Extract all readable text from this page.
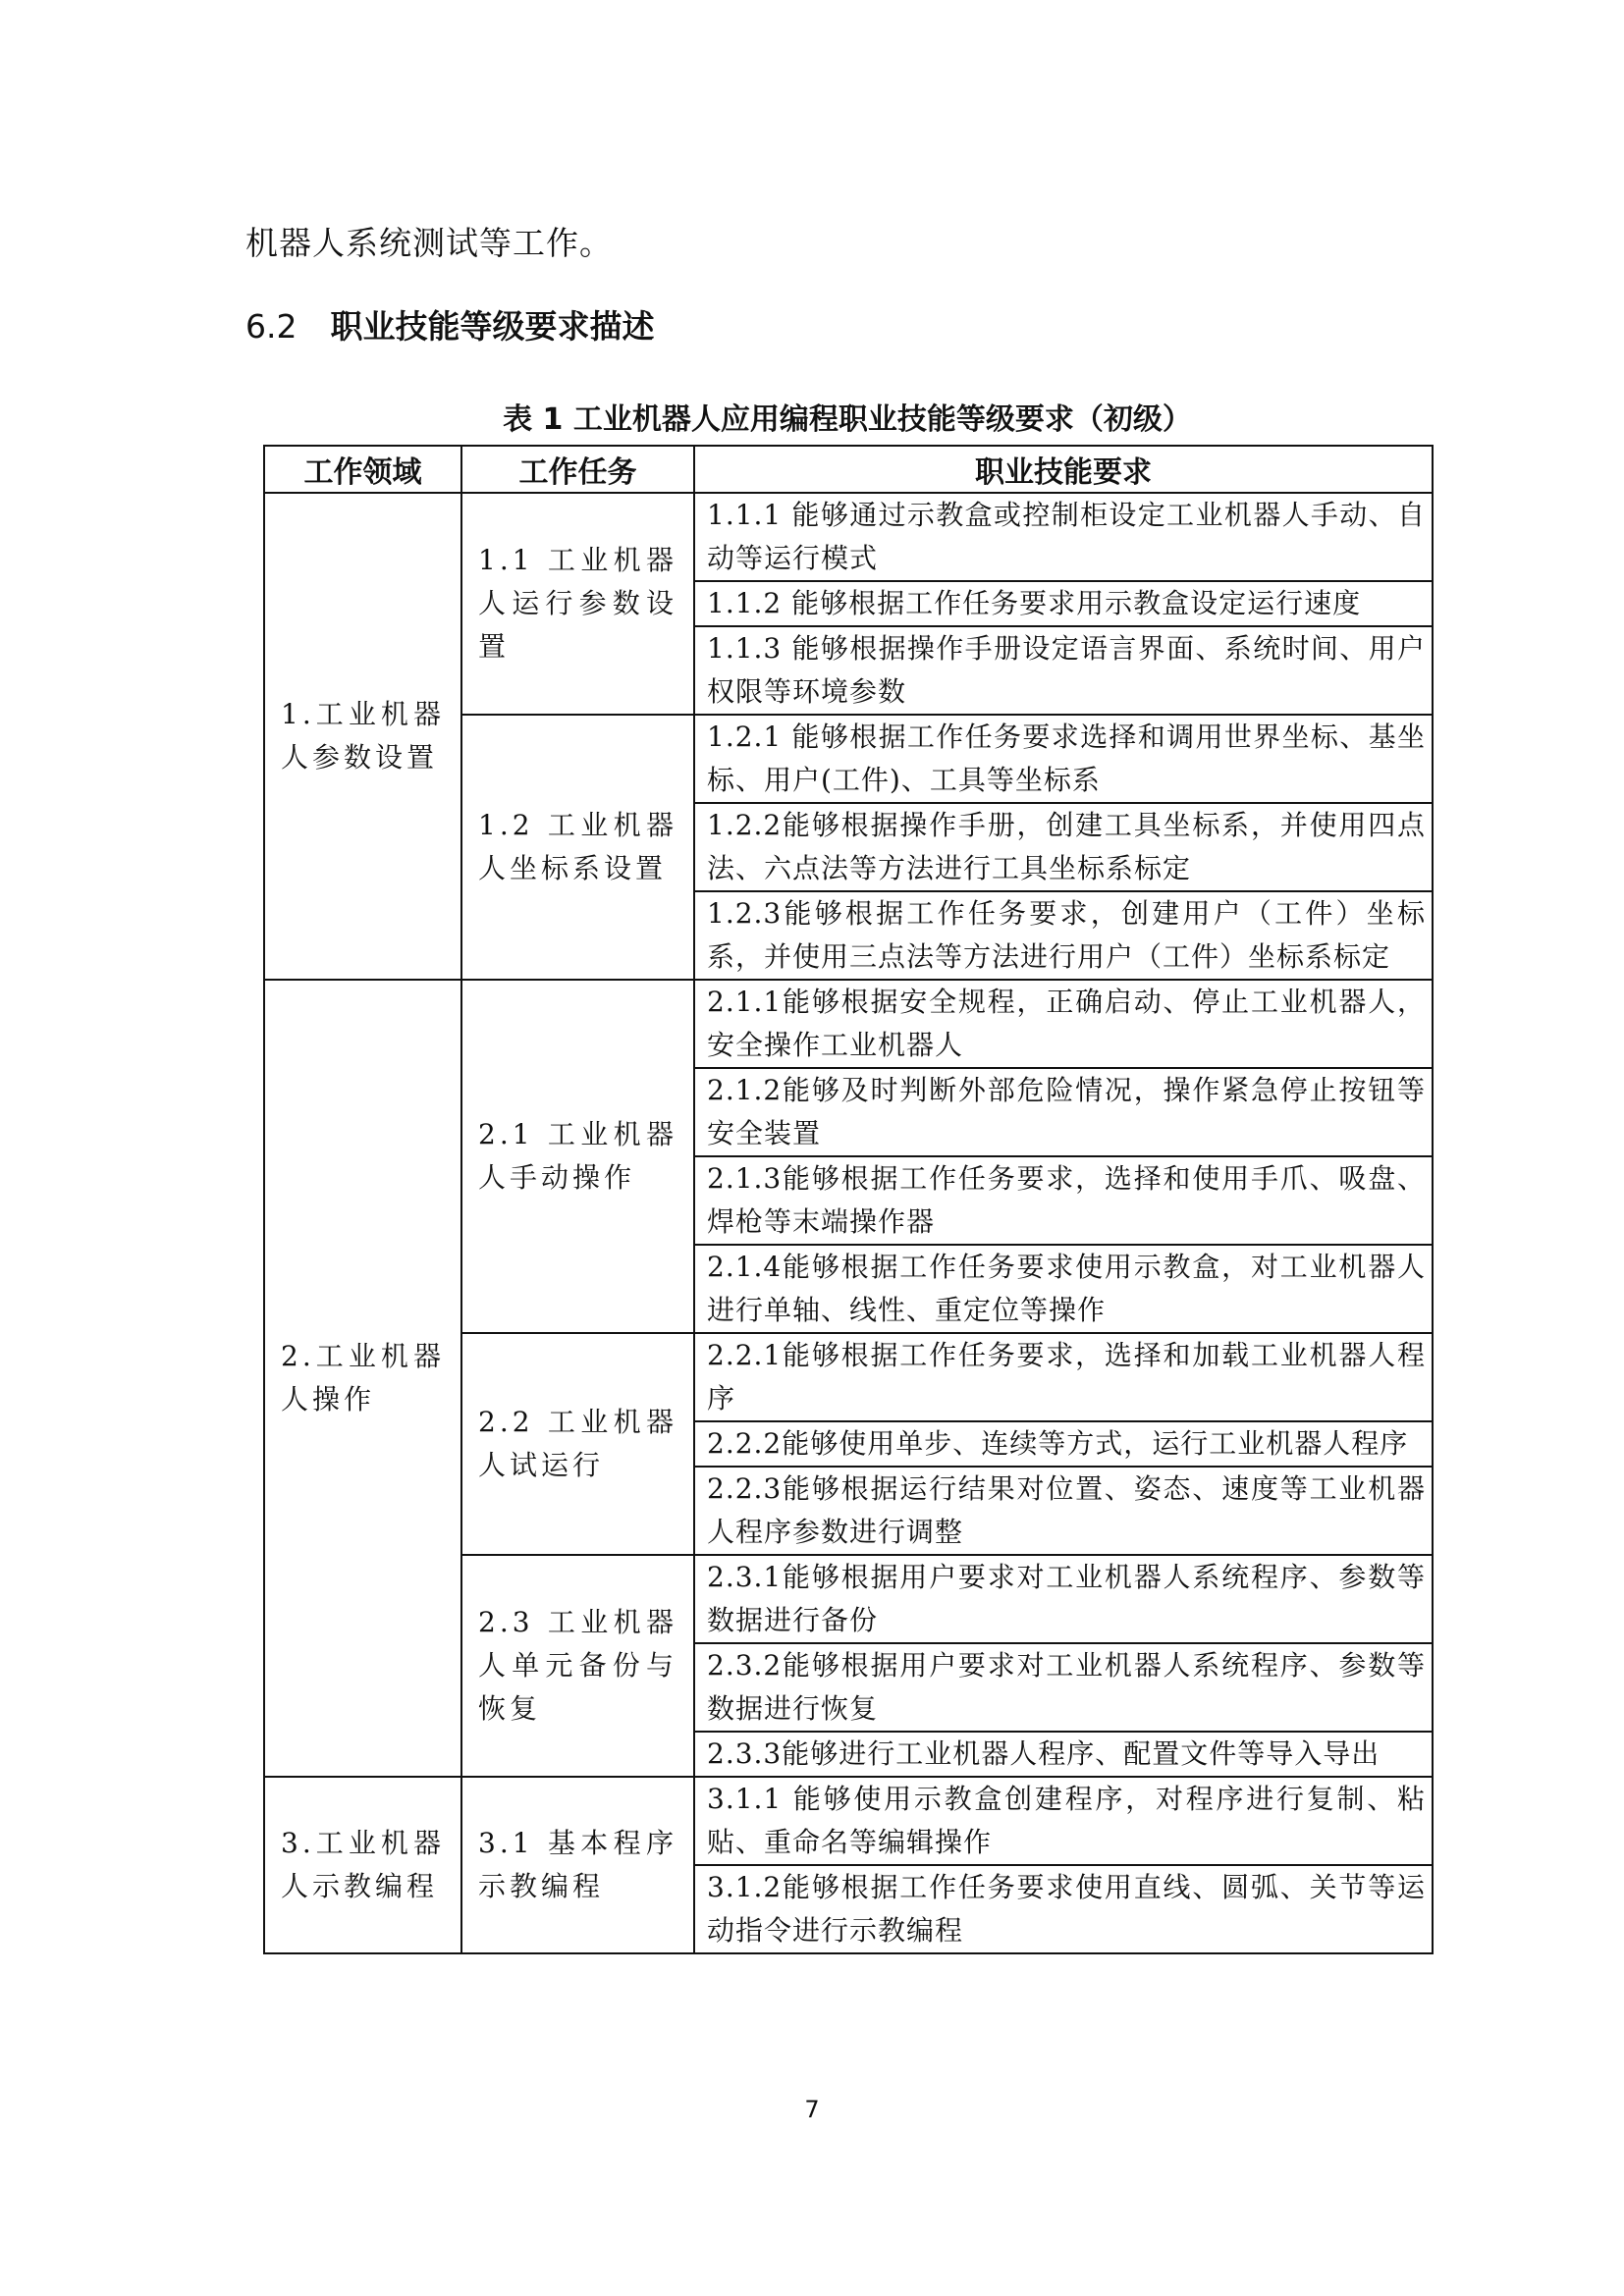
机器人系统测试等工作。
6.2 职业技能等级要求描述
表 1 工业机器人应用编程职业技能等级要求（初级）
工作领域	工作任务	职业技能要求
1.工业机器人参数设置	1.1 工业机器人运行参数设置	1.1.1 能够通过示教盒或控制柜设定工业机器人手动、自动等运行模式
		1.1.2 能够根据工作任务要求用示教盒设定运行速度
		1.1.3 能够根据操作手册设定语言界面、系统时间、用户权限等环境参数
	1.2 工业机器人坐标系设置	1.2.1 能够根据工作任务要求选择和调用世界坐标、基坐标、用户(工件)、工具等坐标系
		1.2.2能够根据操作手册，创建工具坐标系，并使用四点法、六点法等方法进行工具坐标系标定
		1.2.3能够根据工作任务要求，创建用户（工件）坐标系，并使用三点法等方法进行用户（工件）坐标系标定
2.工业机器人操作	2.1 工业机器人手动操作	2.1.1能够根据安全规程，正确启动、停止工业机器人，安全操作工业机器人
		2.1.2能够及时判断外部危险情况，操作紧急停止按钮等安全装置
		2.1.3能够根据工作任务要求，选择和使用手爪、吸盘、焊枪等末端操作器
		2.1.4能够根据工作任务要求使用示教盒，对工业机器人进行单轴、线性、重定位等操作
	2.2 工业机器人试运行	2.2.1能够根据工作任务要求，选择和加载工业机器人程序
		2.2.2能够使用单步、连续等方式，运行工业机器人程序
		2.2.3能够根据运行结果对位置、姿态、速度等工业机器人程序参数进行调整
	2.3 工业机器人单元备份与恢复	2.3.1能够根据用户要求对工业机器人系统程序、参数等数据进行备份
		2.3.2能够根据用户要求对工业机器人系统程序、参数等数据进行恢复
		2.3.3能够进行工业机器人程序、配置文件等导入导出
3.工业机器人示教编程	3.1 基本程序示教编程	3.1.1 能够使用示教盒创建程序，对程序进行复制、粘贴、重命名等编辑操作
		3.1.2能够根据工作任务要求使用直线、圆弧、关节等运动指令进行示教编程
7
